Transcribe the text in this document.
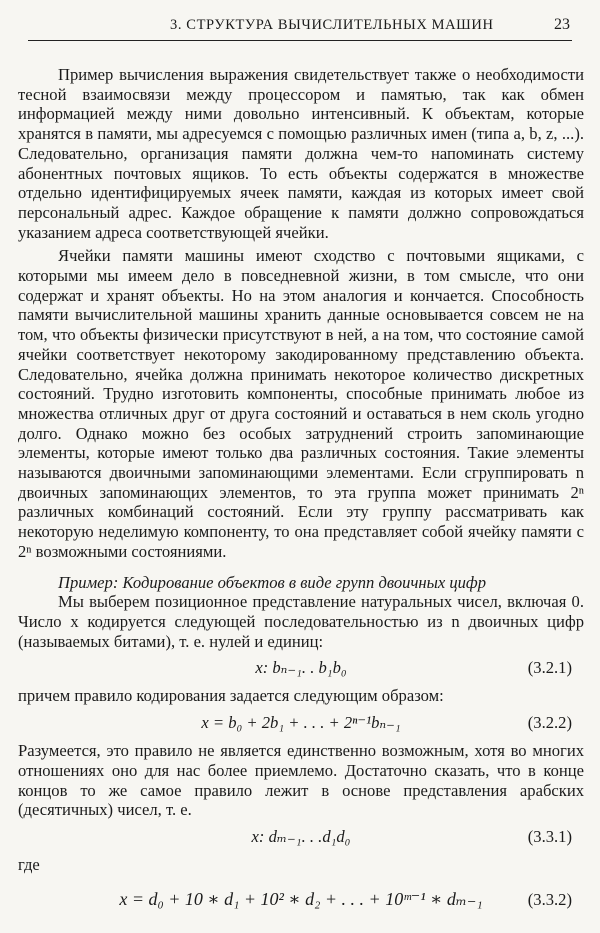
3. СТРУКТУРА ВЫЧИСЛИТЕЛЬНЫХ МАШИН	23

Пример вычисления выражения свидетельствует также о необходимости тесной взаимосвязи между процессором и памятью, так как обмен информацией между ними довольно интенсивный. К объектам, которые хранятся в памяти, мы адресуемся с помощью различных имен (типа a, b, z, ...). Следовательно, организация памяти должна чем-то напоминать систему абонентных почтовых ящиков. То есть объекты содержатся в множестве отдельно идентифицируемых ячеек памяти, каждая из которых имеет свой персональный адрес. Каждое обращение к памяти должно сопровождаться указанием адреса соответствующей ячейки.

Ячейки памяти машины имеют сходство с почтовыми ящиками, с которыми мы имеем дело в повседневной жизни, в том смысле, что они содержат и хранят объекты. Но на этом аналогия и кончается. Способность памяти вычислительной машины хранить данные основывается совсем не на том, что объекты физически присутствуют в ней, а на том, что состояние самой ячейки соответствует некоторому закодированному представлению объекта. Следовательно, ячейка должна принимать некоторое количество дискретных состояний. Трудно изготовить компоненты, способные принимать любое из множества отличных друг от друга состояний и оставаться в нем сколь угодно долго. Однако можно без особых затруднений строить запоминающие элементы, которые имеют только два различных состояния. Такие элементы называются двоичными запоминающими элементами. Если сгруппировать n двоичных запоминающих элементов, то эта группа может принимать 2ⁿ различных комбинаций состояний. Если эту группу рассматривать как некоторую неделимую компоненту, то она представляет собой ячейку памяти с 2ⁿ возможными состояниями.

Пример: Кодирование объектов в виде групп двоичных цифр

Мы выберем позиционное представление натуральных чисел, включая 0. Число x кодируется следующей последовательностью из n двоичных цифр (называемых битами), т. е. нулей и единиц:

x: bₙ₋₁. . b₁b₀	(3.2.1)

причем правило кодирования задается следующим образом:

x = b₀ + 2b₁ + . . . + 2ⁿ⁻¹bₙ₋₁	(3.2.2)

Разумеется, это правило не является единственно возможным, хотя во многих отношениях оно для нас более приемлемо. Достаточно сказать, что в конце концов то же самое правило лежит в основе представления арабских (десятичных) чисел, т. е.

x: dₘ₋₁. . .d₁d₀	(3.3.1)
где
x = d₀ + 10 ∗ d₁ + 10² ∗ d₂ + . . . + 10ᵐ⁻¹ ∗ dₘ₋₁	(3.3.2)
